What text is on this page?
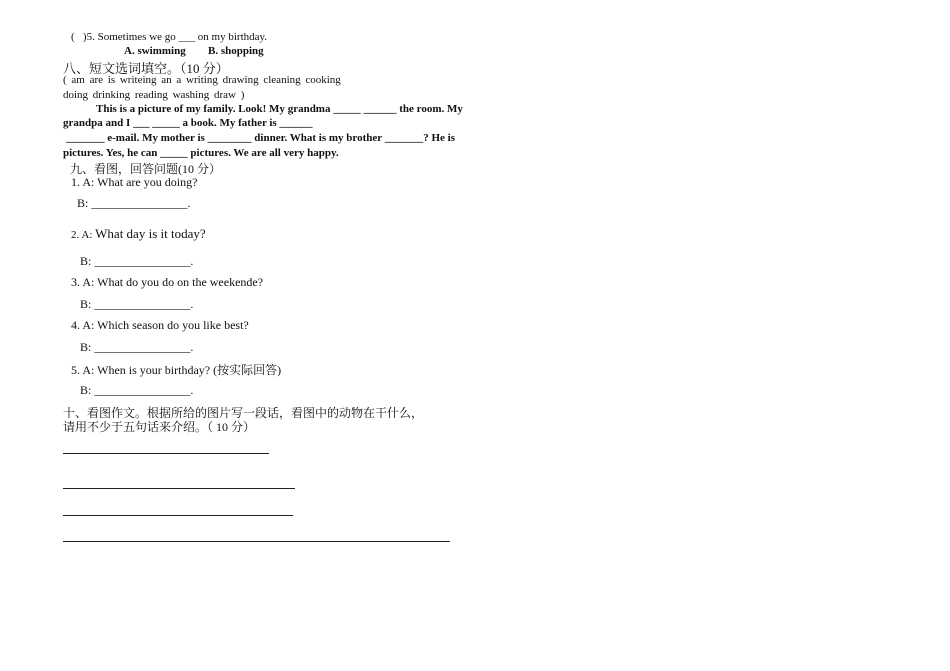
(   )5. Sometimes we go ___ on my birthday.
A. swimming B. shopping
八、短文选词填空。（10 分）
( am are is writeing an a writing drawing cleaning cooking
doing drinking reading washing draw )
This is a picture of my family. Look! My grandma _____ ______ the room. My
grandpa and I ___ _____ a book. My father is ______
_______ e-mail. My mother is ________ dinner. What is my brother _______? He is
pictures. Yes, he can _____ pictures. We are all very happy.
九、看图，回答问题(10 分）
1. A: What are you doing?
B: ________________.
2. A: What day is it today?
B: ________________.
3. A: What do you do on the weekende?
B: ________________.
4. A: Which season do you like best?
B: ________________.
5. A: When is your birthday? (按实际回答)
B: ________________.
十、看图作文。根据所给的图片写一段话，看图中的动物在干什么，
请用不少于五句话来介绍。（ 10 分）
